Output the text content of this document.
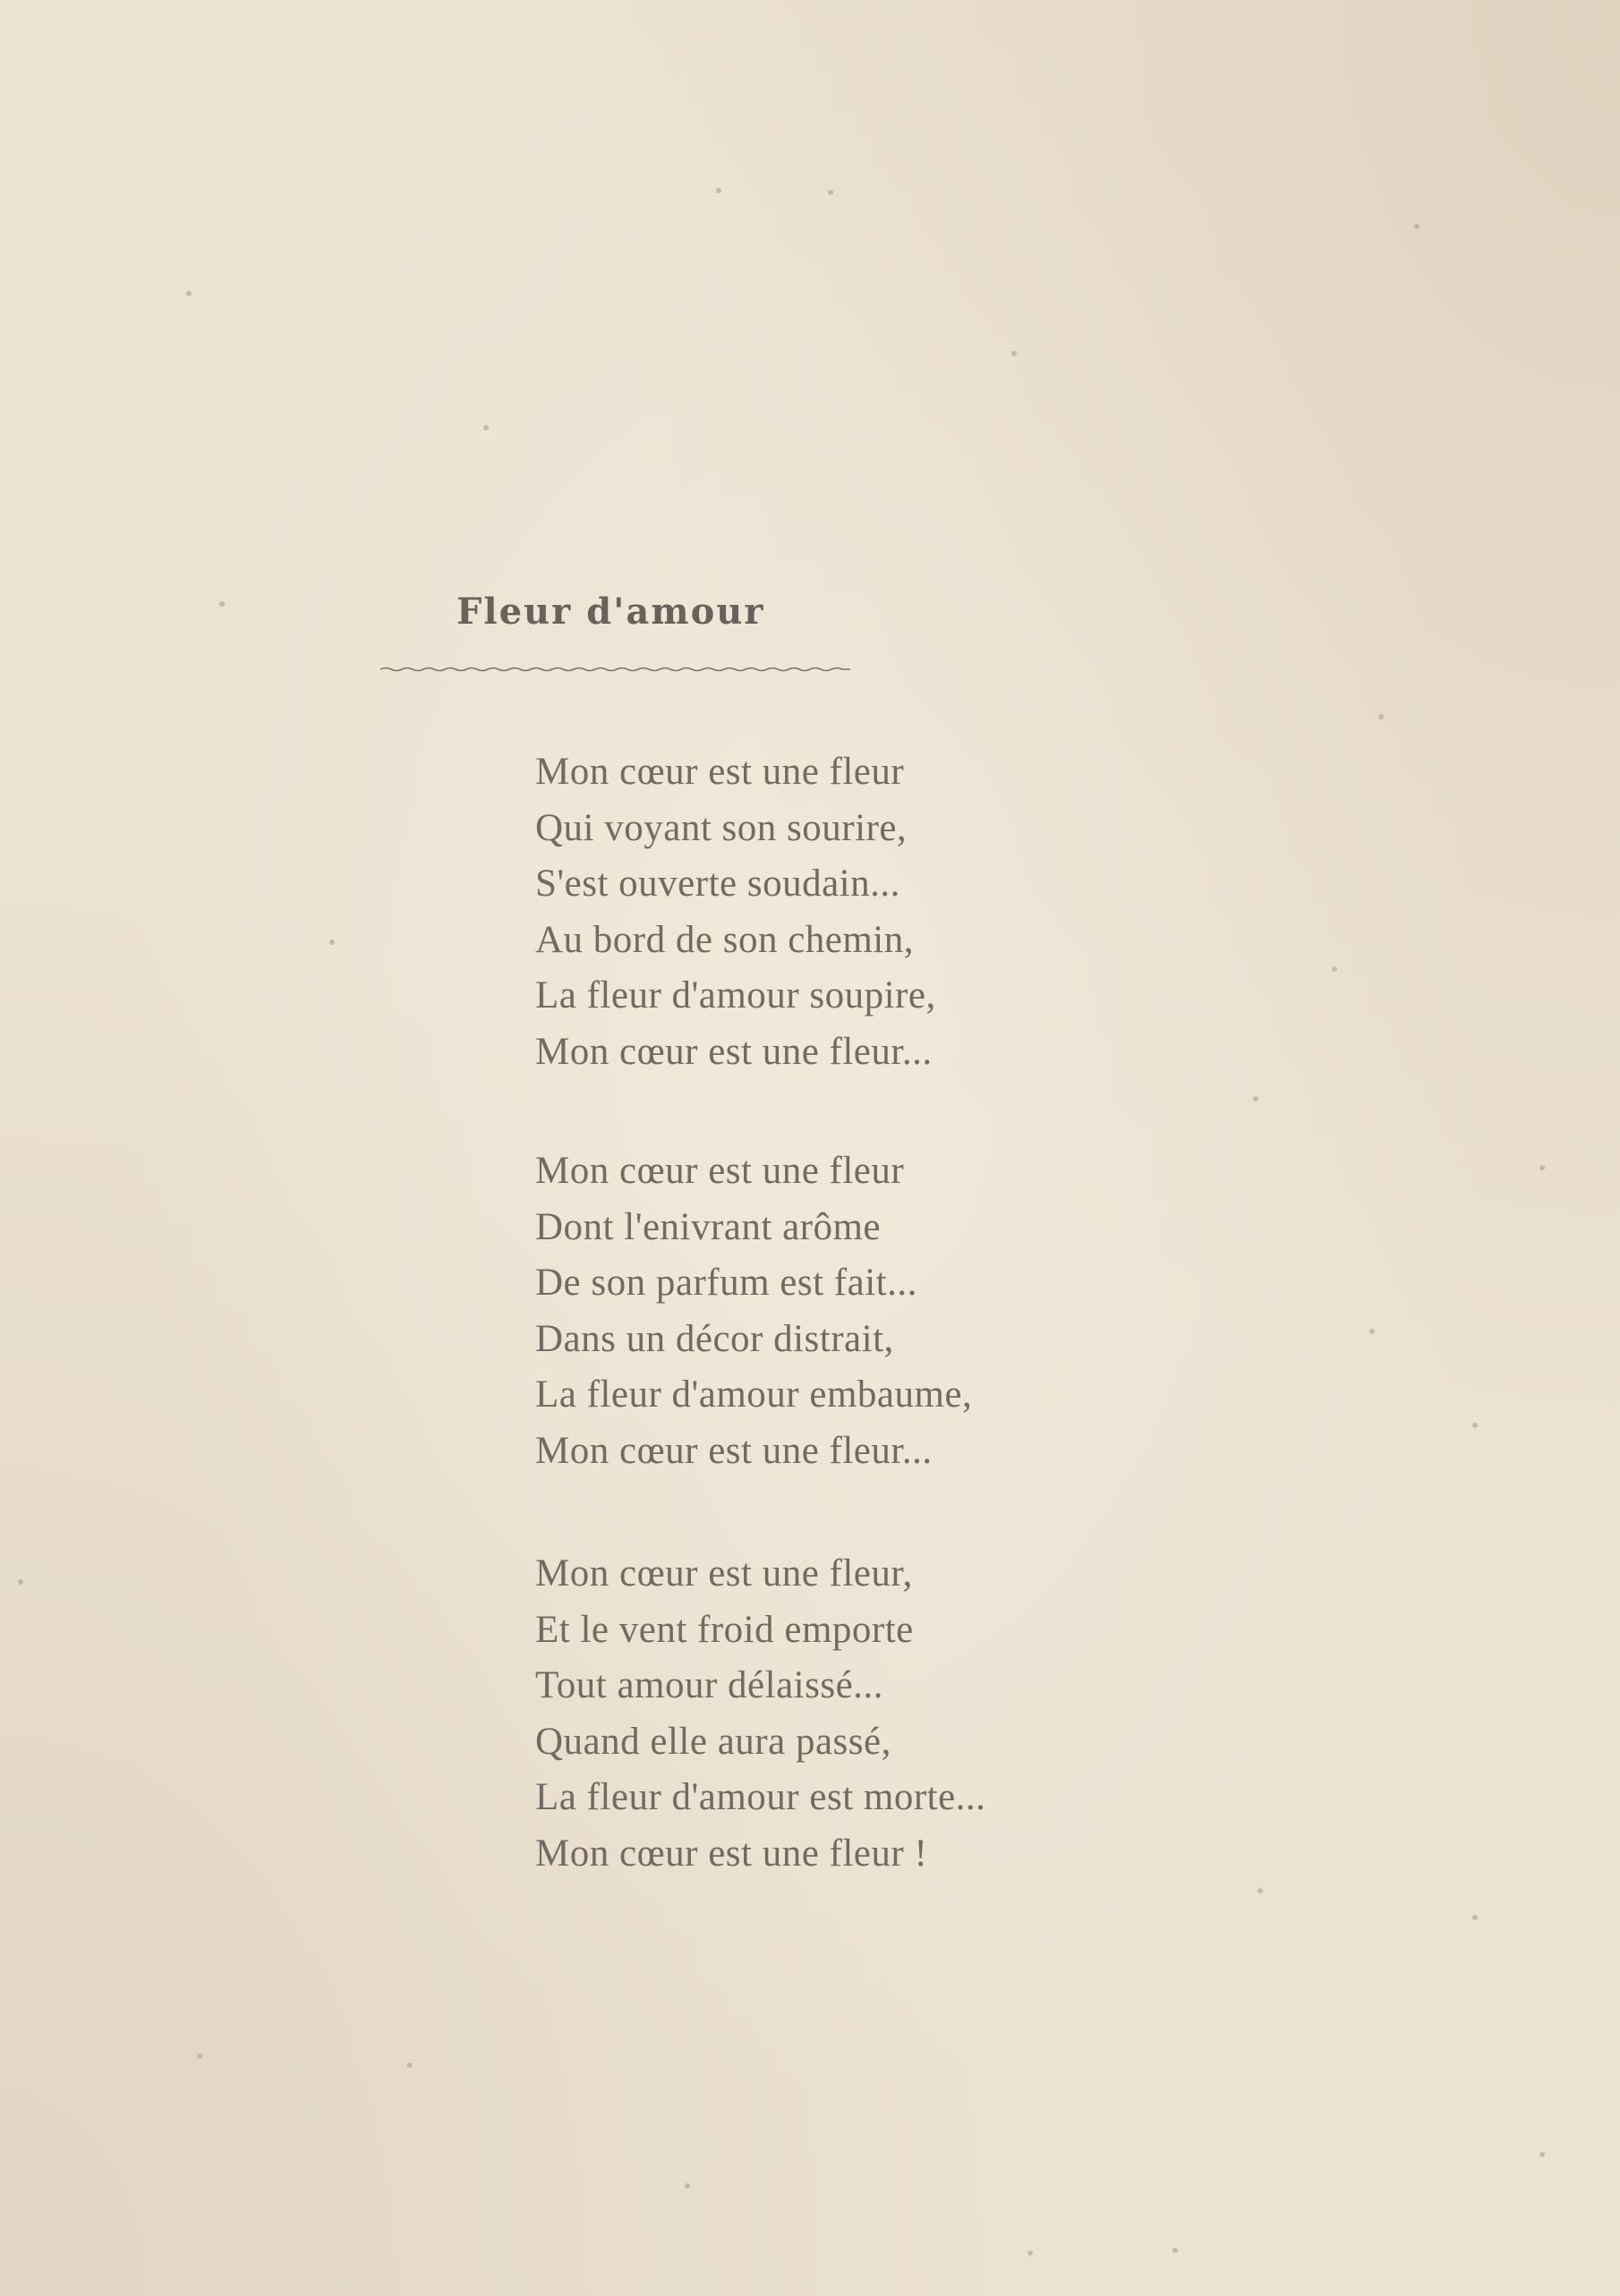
Fleur d'amour
Mon cœur est une fleur
Qui voyant son sourire,
S'est ouverte soudain...
Au bord de son chemin,
La fleur d'amour soupire,
Mon cœur est une fleur...
Mon cœur est une fleur
Dont l'enivrant arôme
De son parfum est fait...
Dans un décor distrait,
La fleur d'amour embaume,
Mon cœur est une fleur...
Mon cœur est une fleur,
Et le vent froid emporte
Tout amour délaissé...
Quand elle aura passé,
La fleur d'amour est morte...
Mon cœur est une fleur !
